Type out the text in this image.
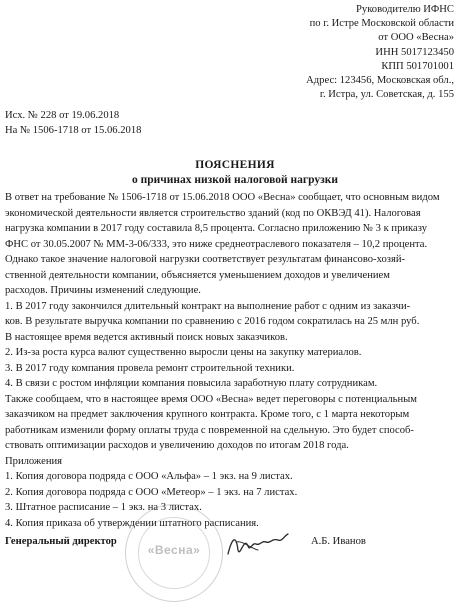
Руководителю ИФНС
по г. Истре Московской области
от ООО «Весна»
ИНН 5017123450
КПП 501701001
Адрес: 123456, Московская обл.,
г. Истра, ул. Советская, д. 155
Исх. № 228 от 19.06.2018
На № 1506-1718 от 15.06.2018
ПОЯСНЕНИЯ
о причинах низкой налоговой нагрузки
В ответ на требование № 1506-1718 от 15.06.2018 ООО «Весна» сообщает, что основным видом
экономической деятельности является строительство зданий (код по ОКВЭД 41). Налоговая
нагрузка компании в 2017 году составила 8,5 процента. Согласно приложению № 3 к приказу
ФНС от 30.05.2007 № ММ-3-06/333, это ниже среднеотраслевого показателя – 10,2 процента.
Однако такое значение налоговой нагрузки соответствует результатам финансово-хозяй-
ственной деятельности компании, объясняется уменьшением доходов и увеличением
расходов. Причины изменений следующие.
1. В 2017 году закончился длительный контракт на выполнение работ с одним из заказчи-
ков. В результате выручка компании по сравнению с 2016 годом сократилась на 25 млн руб.
В настоящее время ведется активный поиск новых заказчиков.
2. Из-за роста курса валют существенно выросли цены на закупку материалов.
3. В 2017 году компания провела ремонт строительной техники.
4. В связи с ростом инфляции компания повысила заработную плату сотрудникам.
Также сообщаем, что в настоящее время ООО «Весна» ведет переговоры с потенциальным
заказчиком на предмет заключения крупного контракта. Кроме того, с 1 марта некоторым
работникам изменили форму оплаты труда с повременной на сдельную. Это будет способ-
ствовать оптимизации расходов и увеличению доходов по итогам 2018 года.
Приложения
1. Копия договора подряда с ООО «Альфа» – 1 экз. на 9 листах.
2. Копия договора подряда с ООО «Метеор» – 1 экз. на 7 листах.
3. Штатное расписание – 1 экз. на 3 листах.
4. Копия приказа об утверждении штатного расписания.
«Весна»
Генеральный директор	А.Б. Иванов
